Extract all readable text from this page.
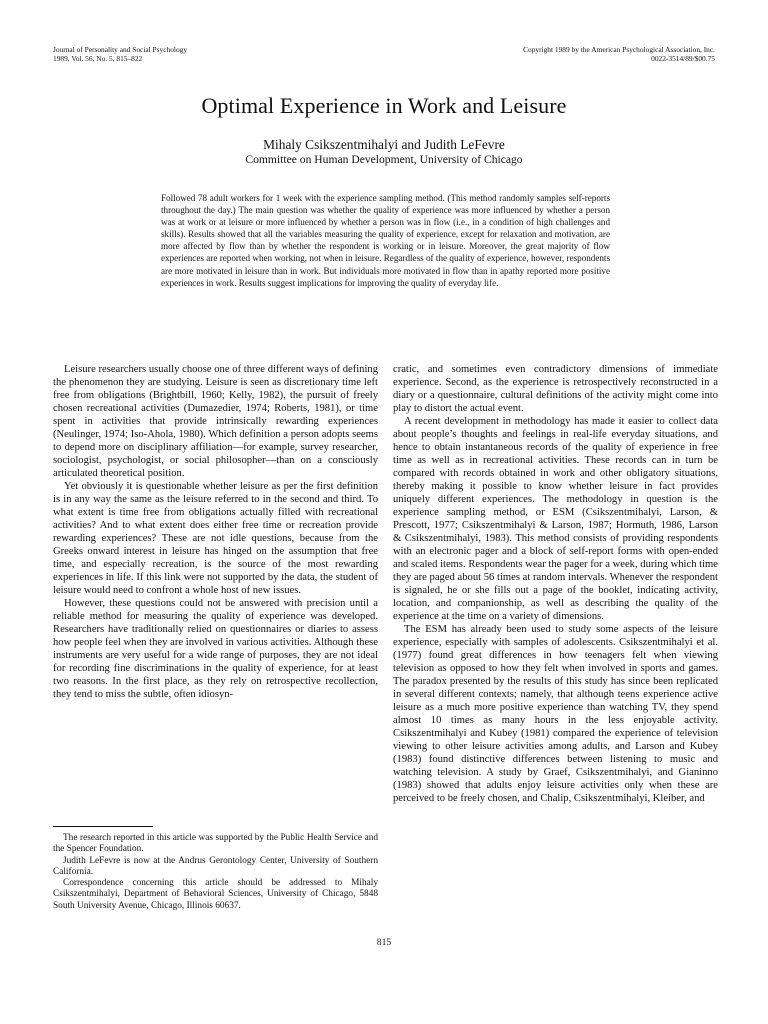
Journal of Personality and Social Psychology
1989, Vol. 56, No. 5, 815–822
Copyright 1989 by the American Psychological Association, Inc.
0022-3514/89/$00.75
Optimal Experience in Work and Leisure
Mihaly Csikszentmihalyi and Judith LeFevre
Committee on Human Development, University of Chicago

Followed 78 adult workers for 1 week with the experience sampling method. (This method randomly samples self-reports throughout the day.) The main question was whether the quality of experience was more influenced by whether a person was at work or at leisure or more influenced by whether a person was in flow (i.e., in a condition of high challenges and skills). Results showed that all the variables measuring the quality of experience, except for relaxation and motivation, are more affected by flow than by whether the respondent is working or in leisure. Moreover, the great majority of flow experiences are reported when working, not when in leisure. Regardless of the quality of experience, however, respondents are more motivated in leisure than in work. But individuals more motivated in flow than in apathy reported more positive experiences in work. Results suggest implications for improving the quality of everyday life.

Leisure researchers usually choose one of three different ways of defining the phenomenon they are studying. Leisure is seen as discretionary time left free from obligations (Brightbill, 1960; Kelly, 1982), the pursuit of freely chosen recreational activities (Dumazedier, 1974; Roberts, 1981), or time spent in activities that provide intrinsically rewarding experiences (Neulinger, 1974; Iso-Ahola, 1980). Which definition a person adopts seems to depend more on disciplinary affiliation—for example, survey researcher, sociologist, psychologist, or social philosopher—than on a consciously articulated theoretical position.

Yet obviously it is questionable whether leisure as per the first definition is in any way the same as the leisure referred to in the second and third. To what extent is time free from obligations actually filled with recreational activities? And to what extent does either free time or recreation provide rewarding experiences? These are not idle questions, because from the Greeks onward interest in leisure has hinged on the assumption that free time, and especially recreation, is the source of the most rewarding experiences in life. If this link were not supported by the data, the student of leisure would need to confront a whole host of new issues.

However, these questions could not be answered with precision until a reliable method for measuring the quality of experience was developed. Researchers have traditionally relied on questionnaires or diaries to assess how people feel when they are involved in various activities. Although these instruments are very useful for a wide range of purposes, they are not ideal for recording fine discriminations in the quality of experience, for at least two reasons. In the first place, as they rely on retrospective recollection, they tend to miss the subtle, often idiosyn-

The research reported in this article was supported by the Public Health Service and the Spencer Foundation.

Judith LeFevre is now at the Andrus Gerontology Center, University of Southern California.

Correspondence concerning this article should be addressed to Mihaly Csikszentmihalyi, Department of Behavioral Sciences, University of Chicago, 5848 South University Avenue, Chicago, Illinois 60637.

cratic, and sometimes even contradictory dimensions of immediate experience. Second, as the experience is retrospectively reconstructed in a diary or a questionnaire, cultural definitions of the activity might come into play to distort the actual event.

A recent development in methodology has made it easier to collect data about people’s thoughts and feelings in real-life everyday situations, and hence to obtain instantaneous records of the quality of experience in free time as well as in recreational activities. These records can in turn be compared with records obtained in work and other obligatory situations, thereby making it possible to know whether leisure in fact provides uniquely different experiences. The methodology in question is the experience sampling method, or ESM (Csikszentmihalyi, Larson, & Prescott, 1977; Csikszentmihalyi & Larson, 1987; Hormuth, 1986, Larson & Csikszentmihalyi, 1983). This method consists of providing respondents with an electronic pager and a block of self-report forms with open-ended and scaled items. Respondents wear the pager for a week, during which time they are paged about 56 times at random intervals. Whenever the respondent is signaled, he or she fills out a page of the booklet, indicating activity, location, and companionship, as well as describing the quality of the experience at the time on a variety of dimensions.

The ESM has already been used to study some aspects of the leisure experience, especially with samples of adolescents. Csikszentmihalyi et al. (1977) found great differences in how teenagers felt when viewing television as opposed to how they felt when involved in sports and games. The paradox presented by the results of this study has since been replicated in several different contexts; namely, that although teens experience active leisure as a much more positive experience than watching TV, they spend almost 10 times as many hours in the less enjoyable activity. Csikszentmihalyi and Kubey (1981) compared the experience of television viewing to other leisure activities among adults, and Larson and Kubey (1983) found distinctive differences between listening to music and watching television. A study by Graef, Csikszentmihalyi, and Gianinno (1983) showed that adults enjoy leisure activities only when these are perceived to be freely chosen, and Chalip, Csikszentmihalyi, Kleiber, and

815
